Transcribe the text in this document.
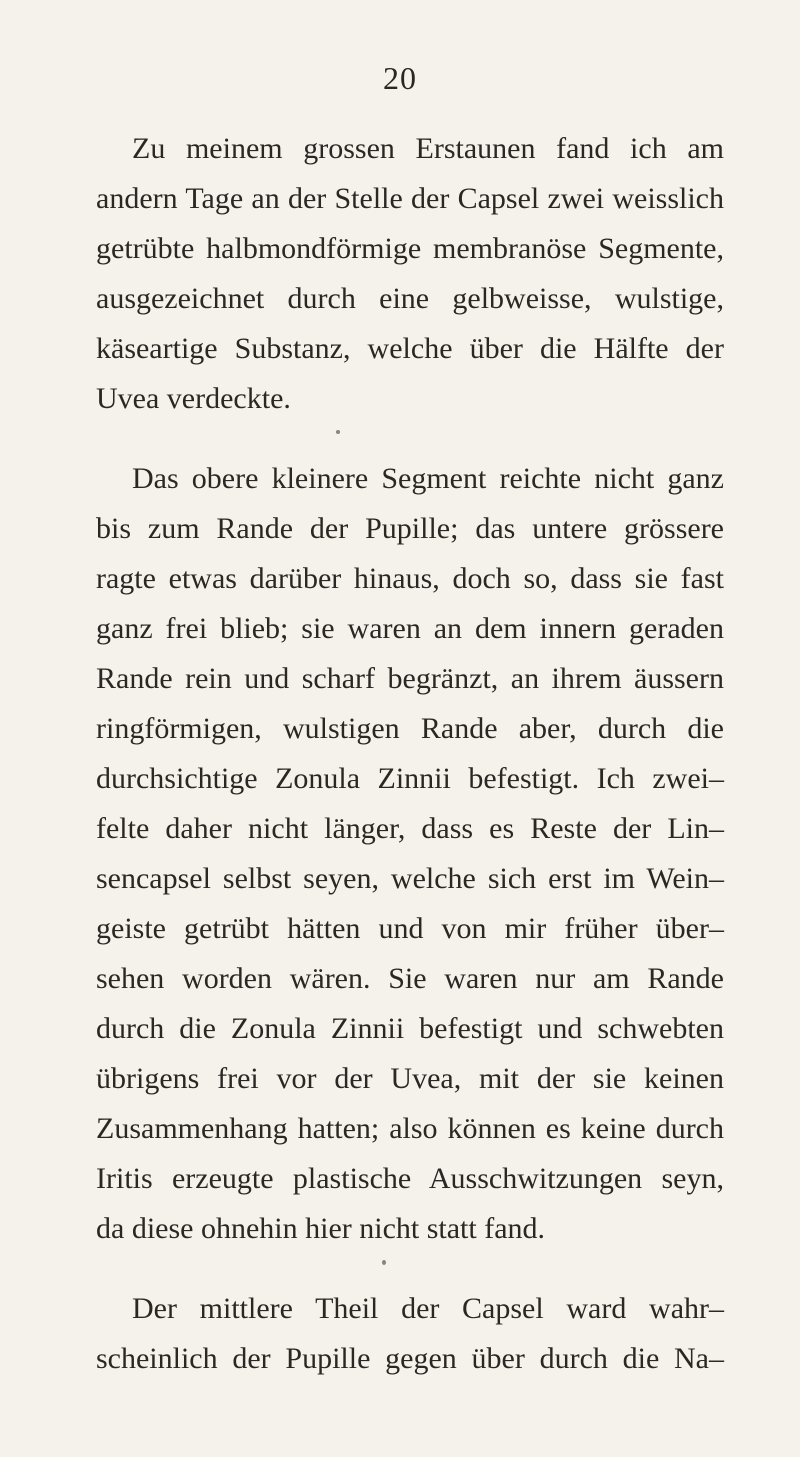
20
Zu meinem grossen Erstaunen fand ich am
andern Tage an der Stelle der Capsel zwei weisslich
getrübte halbmondförmige membranöse Segmente,
ausgezeichnet durch eine gelbweisse, wulstige,
käseartige Substanz, welche über die Hälfte der
Uvea verdeckte.
Das obere kleinere Segment reichte nicht ganz
bis zum Rande der Pupille; das untere grössere
ragte etwas darüber hinaus, doch so, dass sie fast
ganz frei blieb; sie waren an dem innern geraden
Rande rein und scharf begränzt, an ihrem äussern
ringförmigen, wulstigen Rande aber, durch die
durchsichtige Zonula Zinnii befestigt. Ich zwei–
felte daher nicht länger, dass es Reste der Lin–
sencapsel selbst seyen, welche sich erst im Wein–
geiste getrübt hätten und von mir früher über–
sehen worden wären. Sie waren nur am Rande
durch die Zonula Zinnii befestigt und schwebten
übrigens frei vor der Uvea, mit der sie keinen
Zusammenhang hatten; also können es keine durch
Iritis erzeugte plastische Ausschwitzungen seyn,
da diese ohnehin hier nicht statt fand.
Der mittlere Theil der Capsel ward wahr–
scheinlich der Pupille gegen über durch die Na–
